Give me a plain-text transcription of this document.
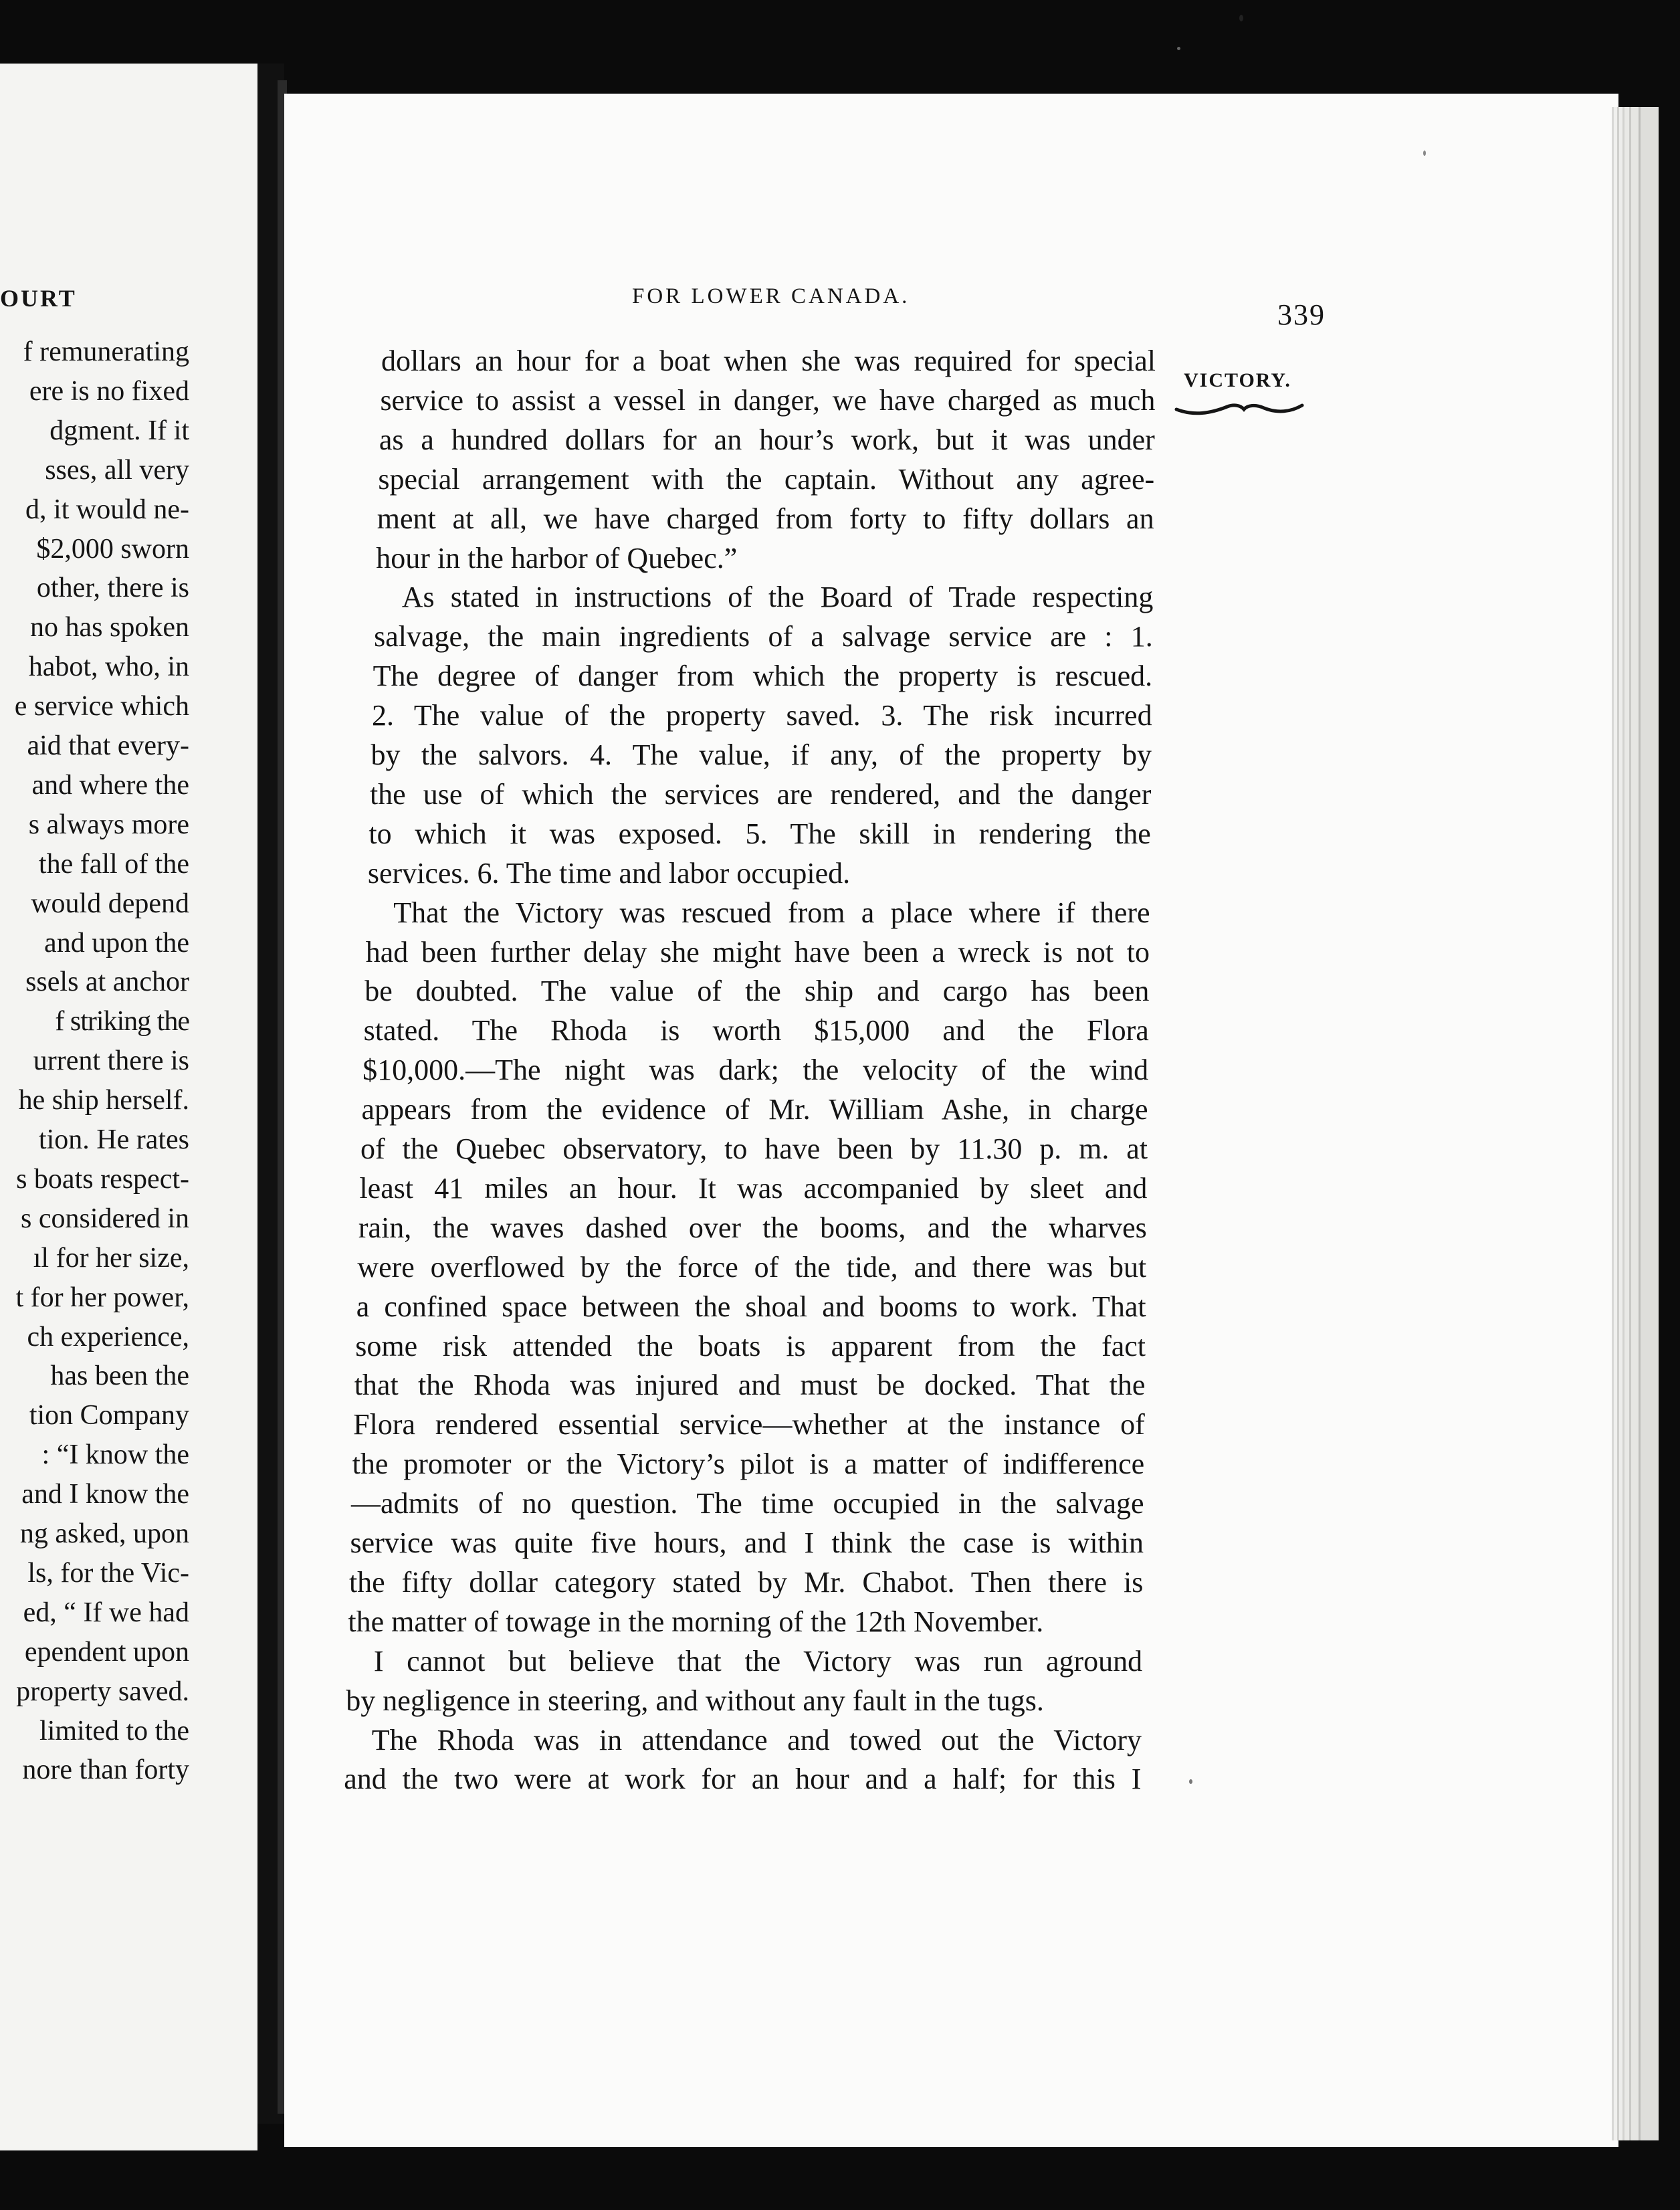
OURT
f remunerating
ere is no fixed
dgment. If it
sses, all very
d, it would ne-
$2,000 sworn
other, there is
no has spoken
habot, who, in
e service which
aid that every-
and where the
s always more
the fall of the
would depend
and upon the
ssels at anchor
f striking the
urrent there is
he ship herself.
tion. He rates
s boats respect-
s considered in
ıl for her size,
t for her power,
ch experience,
has been the
tion Company
: “I know the
and I know the
ng asked, upon
ls, for the Vic-
ed, “ If we had
ependent upon
property saved.
limited to the
nore than forty
FOR LOWER CANADA.
339
VICTORY.
dollars an hour for a boat when she was required for special
service to assist a vessel in danger, we have charged as much
as a hundred dollars for an hour’s work, but it was under
special arrangement with the captain. Without any agree-
ment at all, we have charged from forty to fifty dollars an
hour in the harbor of Quebec.”
As stated in instructions of the Board of Trade respecting
salvage, the main ingredients of a salvage service are : 1.
The degree of danger from which the property is rescued.
2. The value of the property saved. 3. The risk incurred
by the salvors. 4. The value, if any, of the property by
the use of which the services are rendered, and the danger
to which it was exposed. 5. The skill in rendering the
services. 6. The time and labor occupied.
That the Victory was rescued from a place where if there
had been further delay she might have been a wreck is not to
be doubted. The value of the ship and cargo has been
stated. The Rhoda is worth $15,000 and the Flora
$10,000.—The night was dark; the velocity of the wind
appears from the evidence of Mr. William Ashe, in charge
of the Quebec observatory, to have been by 11.30 p. m. at
least 41 miles an hour. It was accompanied by sleet and
rain, the waves dashed over the booms, and the wharves
were overflowed by the force of the tide, and there was but
a confined space between the shoal and booms to work. That
some risk attended the boats is apparent from the fact
that the Rhoda was injured and must be docked. That the
Flora rendered essential service—whether at the instance of
the promoter or the Victory’s pilot is a matter of indifference
—admits of no question. The time occupied in the salvage
service was quite five hours, and I think the case is within
the fifty dollar category stated by Mr. Chabot. Then there is
the matter of towage in the morning of the 12th November.
I cannot but believe that the Victory was run aground
by negligence in steering, and without any fault in the tugs.
The Rhoda was in attendance and towed out the Victory
and the two were at work for an hour and a half; for this I
